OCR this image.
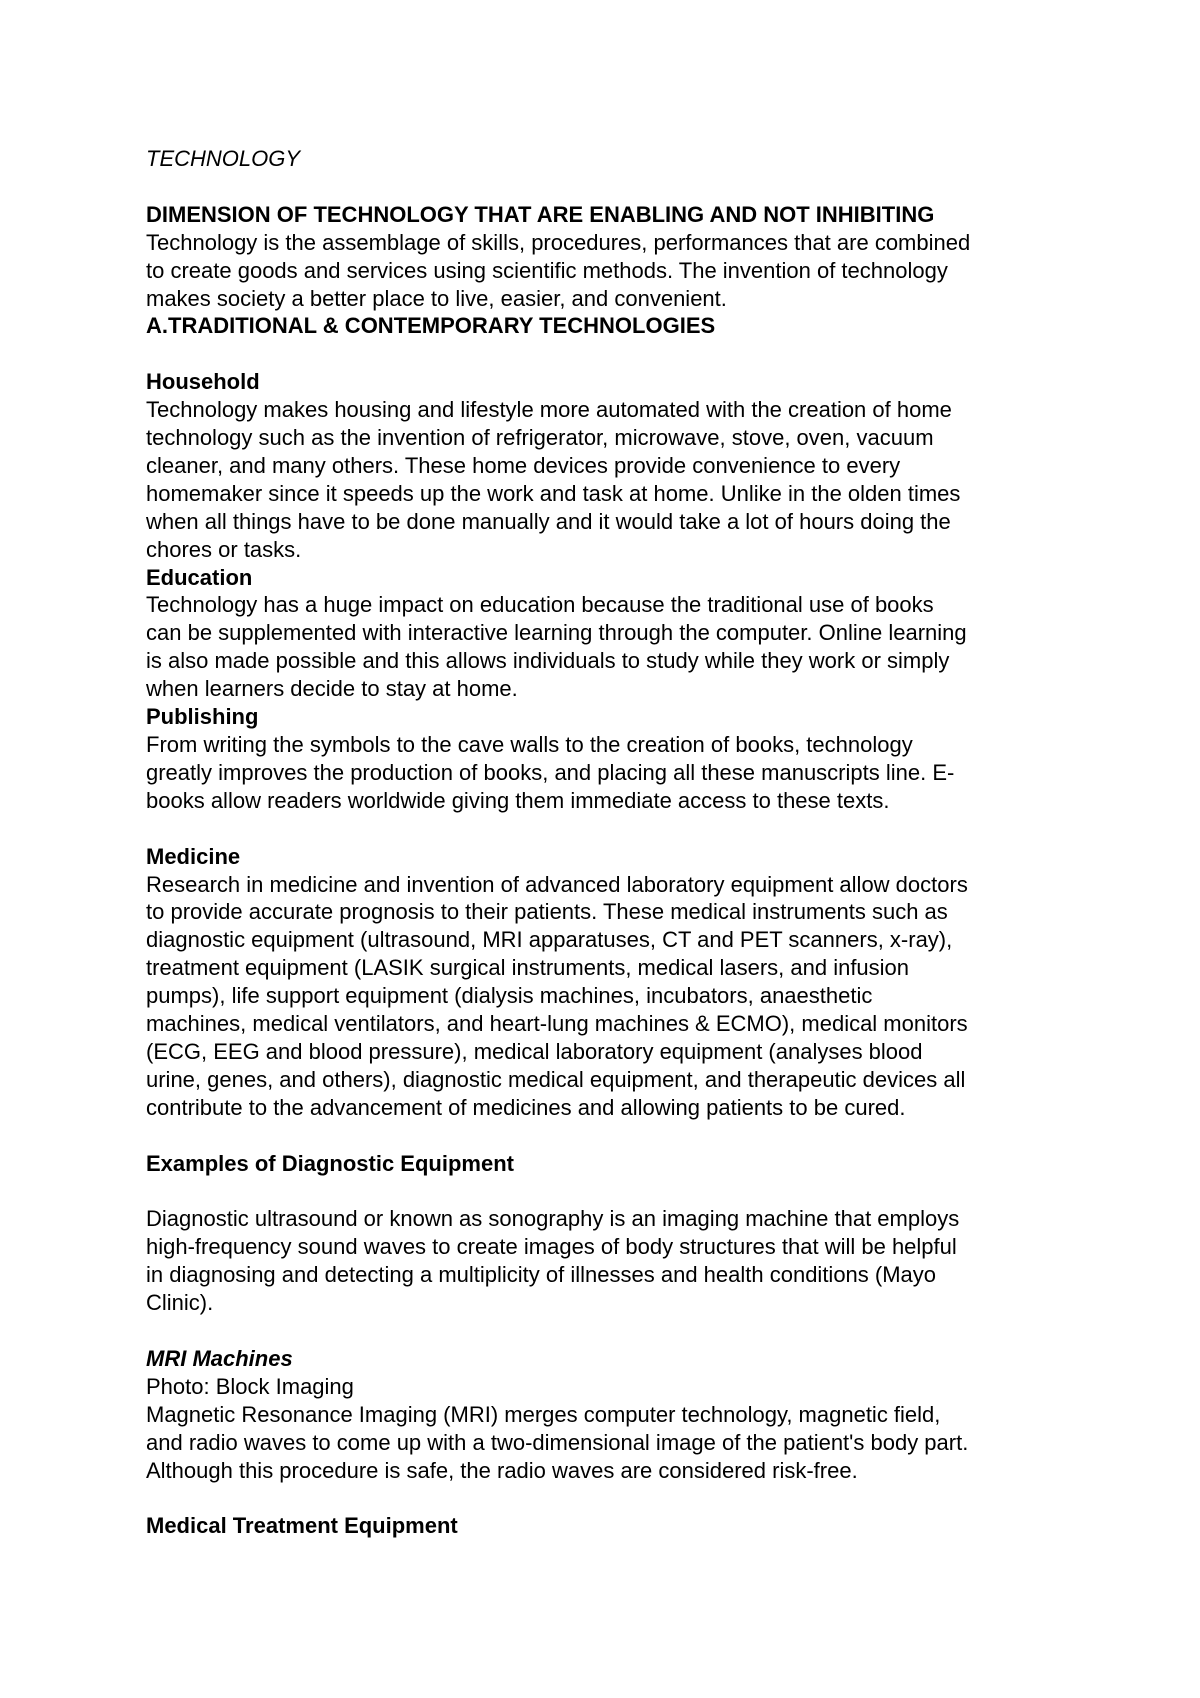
TECHNOLOGY

DIMENSION OF TECHNOLOGY THAT ARE ENABLING AND NOT INHIBITING

Technology is the assemblage of skills, procedures, performances that are combined

to create goods and services using scientific methods. The invention of technology

makes society a better place to live, easier, and convenient.

A.TRADITIONAL & CONTEMPORARY TECHNOLOGIES

Household

Technology makes housing and lifestyle more automated with the creation of home

technology such as the invention of refrigerator, microwave, stove, oven, vacuum

cleaner, and many others. These home devices provide convenience to every

homemaker since it speeds up the work and task at home. Unlike in the olden times

when all things have to be done manually and it would take a lot of hours doing the

chores or tasks.

Education

Technology has a huge impact on education because the traditional use of books

can be supplemented with interactive learning through the computer. Online learning

is also made possible and this allows individuals to study while they work or simply

when learners decide to stay at home.

Publishing

From writing the symbols to the cave walls to the creation of books, technology

greatly improves the production of books, and placing all these manuscripts line. E-

books allow readers worldwide giving them immediate access to these texts.

Medicine

Research in medicine and invention of advanced laboratory equipment allow doctors

to provide accurate prognosis to their patients. These medical instruments such as

diagnostic equipment (ultrasound, MRI apparatuses, CT and PET scanners, x-ray),

treatment equipment (LASIK surgical instruments, medical lasers, and infusion

pumps), life support equipment (dialysis machines, incubators, anaesthetic

machines, medical ventilators, and heart-lung machines & ECMO), medical monitors

(ECG, EEG and blood pressure), medical laboratory equipment (analyses blood

urine, genes, and others), diagnostic medical equipment, and therapeutic devices all

contribute to the advancement of medicines and allowing patients to be cured.

Examples of Diagnostic Equipment

Diagnostic ultrasound or known as sonography is an imaging machine that employs

high-frequency sound waves to create images of body structures that will be helpful

in diagnosing and detecting a multiplicity of illnesses and health conditions (Mayo

Clinic).

MRI Machines

Photo: Block Imaging

Magnetic Resonance Imaging (MRI) merges computer technology, magnetic field,

and radio waves to come up with a two-dimensional image of the patient's body part.

Although this procedure is safe, the radio waves are considered risk-free.

Medical Treatment Equipment
